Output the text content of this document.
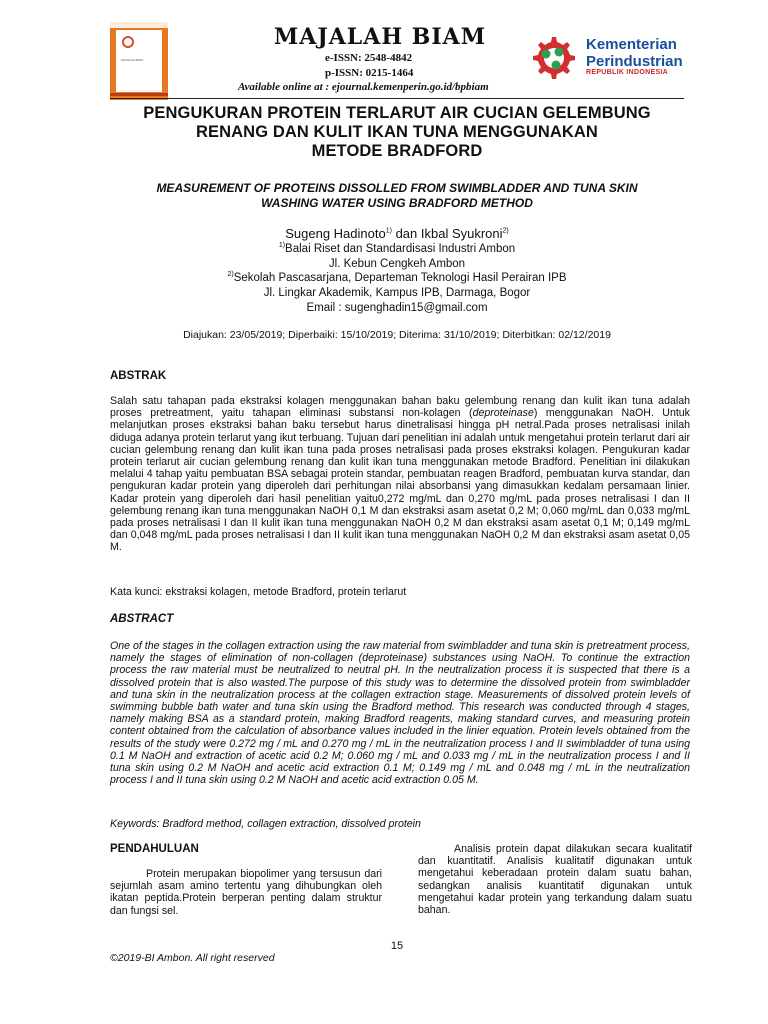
MAJALAH BIAM
MAJALAH BIAM
e-ISSN: 2548-4842
p-ISSN: 0215-1464
Available online at : ejournal.kemenperin.go.id/bpbiam
Kementerian
Perindustrian
REPUBLIK INDONESIA
PENGUKURAN PROTEIN TERLARUT AIR CUCIAN GELEMBUNG
RENANG DAN KULIT IKAN TUNA MENGGUNAKAN
METODE BRADFORD
MEASUREMENT OF PROTEINS DISSOLLED FROM SWIMBLADDER AND TUNA SKIN
WASHING WATER USING BRADFORD METHOD
Sugeng Hadinoto$^{1)}$ dan Ikbal Syukroni$^{2)}$
$^{1)}$Balai Riset dan Standardisasi Industri Ambon
Jl. Kebun Cengkeh Ambon
$^{2)}$Sekolah Pascasarjana, Departeman Teknologi Hasil Perairan IPB
Jl. Lingkar Akademik, Kampus IPB, Darmaga, Bogor
Email : sugenghadin15@gmail.com
Diajukan: 23/05/2019; Diperbaiki: 15/10/2019; Diterima: 31/10/2019; Diterbitkan: 02/12/2019
ABSTRAK
Salah satu tahapan pada ekstraksi kolagen menggunakan bahan baku gelembung renang dan kulit ikan tuna adalah proses pretreatment, yaitu tahapan eliminasi substansi non-kolagen (deproteinase) menggunakan NaOH. Untuk melanjutkan proses ekstraksi bahan baku tersebut harus dinetralisasi hingga pH netral.Pada proses netralisasi inilah diduga adanya protein terlarut yang ikut terbuang. Tujuan dari penelitian ini adalah untuk mengetahui protein terlarut dari air cucian gelembung renang dan kulit ikan tuna pada proses netralisasi pada proses ekstraksi kolagen. Pengukuran kadar protein terlarut air cucian gelembung renang dan kulit ikan tuna menggunakan metode Bradford. Penelitian ini dilakukan melalui 4 tahap yaitu pembuatan BSA sebagai protein standar, pembuatan reagen Bradford, pembuatan kurva standar, dan pengukuran kadar protein yang diperoleh dari perhitungan nilai absorbansi yang dimasukkan kedalam persamaan linier. Kadar protein yang diperoleh dari hasil penelitian yaitu0,272 mg/mL dan 0,270 mg/mL pada proses netralisasi I dan II gelembung renang ikan tuna menggunakan NaOH 0,1 M dan ekstraksi asam asetat 0,2 M; 0,060 mg/mL dan 0,033 mg/mL pada proses netralisasi I dan II kulit ikan tuna menggunakan NaOH 0,2 M dan ekstraksi asam asetat 0,1 M; 0,149 mg/mL dan 0,048 mg/mL pada proses netralisasi I dan II kulit ikan tuna menggunakan NaOH 0,2 M dan ekstraksi asam asetat 0,05 M.
Kata kunci: ekstraksi kolagen, metode Bradford, protein terlarut
ABSTRACT
One of the stages in the collagen extraction using the raw material from swimbladder and tuna skin is pretreatment process, namely the stages of elimination of non-collagen (deproteinase) substances using NaOH. To continue the extraction process the raw material must be neutralized to neutral pH. In the neutralization process it is suspected that there is a dissolved protein that is also wasted.The purpose of this study was to determine the dissolved protein from swimbladder and tuna skin in the neutralization process at the collagen extraction stage. Measurements of dissolved protein levels of swimming bubble bath water and tuna skin using the Bradford method. This research was conducted through 4 stages, namely making BSA as a standard protein, making Bradford reagents, making standard curves, and measuring protein content obtained from the calculation of absorbance values included in the linier equation. Protein levels obtained from the results of the study were 0.272 mg / mL and 0.270 mg / mL in the neutralization process I and II swimbladder of tuna using 0.1 M NaOH and extraction of acetic acid 0.2 M; 0.060 mg / mL and 0.033 mg / mL in the neutralization process I and II tuna skin using 0.2 M NaOH and acetic acid extraction 0.1 M; 0.149 mg / mL and 0.048 mg / mL in the neutralization process I and II tuna skin using 0.2 M NaOH and acetic acid extraction 0.05 M.
Keywords: Bradford method, collagen extraction, dissolved protein
PENDAHULUAN
Protein merupakan biopolimer yang tersusun dari sejumlah asam amino tertentu yang dihubungkan oleh ikatan peptida.Protein berperan penting dalam struktur dan fungsi sel.
Analisis protein dapat dilakukan secara kualitatif dan kuantitatif. Analisis kualitatif digunakan untuk mengetahui keberadaan protein dalam suatu bahan, sedangkan analisis kuantitatif digunakan untuk mengetahui kadar protein yang terkandung dalam suatu bahan.
15
©2019-BI Ambon. All right reserved
